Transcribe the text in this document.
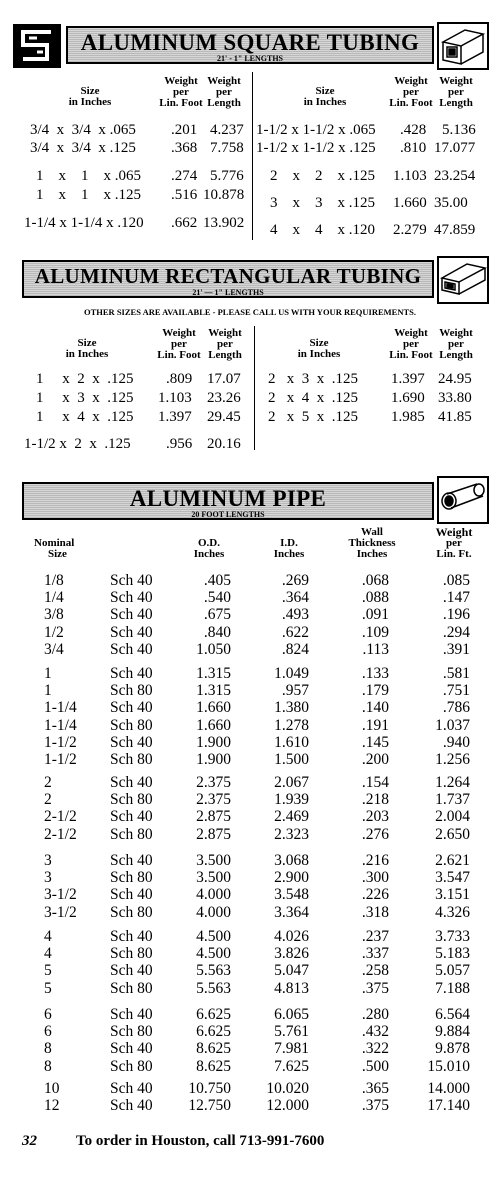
ALUMINUM SQUARE TUBING
21' - 1" LENGTHS
Size
in Inches
Weight
per
Lin. Foot
Weight
per
Length
Size
in Inches
Weight
per
Lin. Foot
Weight
per
Length
3/4  x  3/4  x .065 .201 4.237
3/4  x  3/4  x .125 .368 7.758
1    x    1    x .065 .274 5.776
1    x    1    x .125 .516 10.878
1-1/4 x 1-1/4 x .120 .662 13.902
1-1/2 x 1-1/2 x .065 .428 5.136
1-1/2 x 1-1/2 x .125 .810 17.077
2    x    2    x .125 1.103 23.254
3    x    3    x .125 1.660 35.00
4    x    4    x .120 2.279 47.859
ALUMINUM RECTANGULAR TUBING
21' — 1" LENGTHS
OTHER SIZES ARE AVAILABLE - PLEASE CALL US WITH YOUR REQUIREMENTS.
Size
in Inches
Weight
per
Lin. Foot
Weight
per
Length
Size
in Inches
Weight
per
Lin. Foot
Weight
per
Length
1     x  2  x  .125 .809 17.07
1     x  3  x  .125 1.103 23.26
1     x  4  x  .125 1.397 29.45
1-1/2 x  2  x  .125 .956 20.16
2   x  3  x  .125 1.397 24.95
2   x  4  x  .125 1.690 33.80
2   x  5  x  .125 1.985 41.85
ALUMINUM PIPE
20 FOOT LENGTHS
Nominal
Size
O.D.
Inches
I.D.
Inches
Wall
Thickness
Inches
Weight
per
Lin. Ft.
1/8	Sch 40	.405	.269	.068	.085
1/4	Sch 40	.540	.364	.088	.147
3/8	Sch 40	.675	.493	.091	.196
1/2	Sch 40	.840	.622	.109	.294
3/4	Sch 40	1.050	.824	.113	.391
1	Sch 40	1.315	1.049	.133	.581
1	Sch 80	1.315	.957	.179	.751
1-1/4 Sch 40	1.660	1.380	.140	.786
1-1/4 Sch 80	1.660	1.278	.191	1.037
1-1/2 Sch 40	1.900	1.610	.145	.940
1-1/2 Sch 80	1.900	1.500	.200	1.256
2	Sch 40	2.375	2.067	.154	1.264
2	Sch 80	2.375	1.939	.218	1.737
2-1/2 Sch 40	2.875	2.469	.203	2.004
2-1/2 Sch 80	2.875	2.323	.276	2.650
3	Sch 40	3.500	3.068	.216	2.621
3	Sch 80	3.500	2.900	.300	3.547
3-1/2 Sch 40	4.000	3.548	.226	3.151
3-1/2 Sch 80	4.000	3.364	.318	4.326
4	Sch 40	4.500	4.026	.237	3.733
4	Sch 80	4.500	3.826	.337	5.183
5	Sch 40	5.563	5.047	.258	5.057
5	Sch 80	5.563	4.813	.375	7.188
6	Sch 40	6.625	6.065	.280	6.564
6	Sch 80	6.625	5.761	.432	9.884
8	Sch 40	8.625	7.981	.322	9.878
8	Sch 80	8.625	7.625	.500 15.010
10	Sch 40 10.750 10.020	.365 14.000
12	Sch 40 12.750 12.000	.375 17.140
32	To order in Houston, call 713-991-7600
